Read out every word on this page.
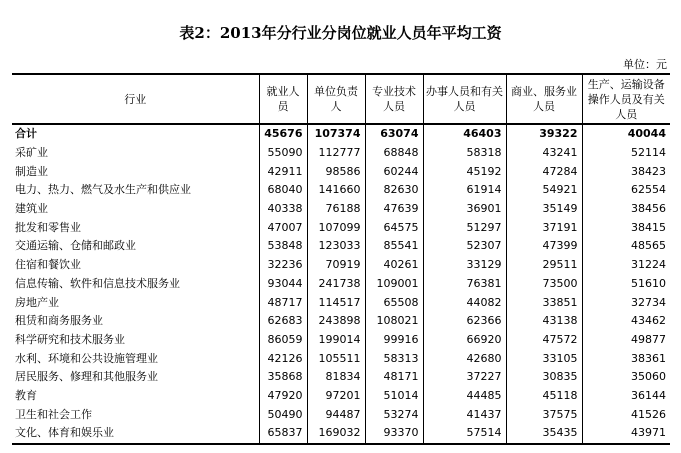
表2：2013年分行业分岗位就业人员年平均工资
单位：元
行业	就业人员	单位负责人	专业技术人员	办事人员和有关人员	商业、服务业人员	生产、运输设备操作人员及有关人员
合计	45676	107374	63074	46403	39322	40044
采矿业	55090	112777	68848	58318	43241	52114
制造业	42911	98586	60244	45192	47284	38423
电力、热力、燃气及水生产和供应业	68040	141660	82630	61914	54921	62554
建筑业	40338	76188	47639	36901	35149	38456
批发和零售业	47007	107099	64575	51297	37191	38415
交通运输、仓储和邮政业	53848	123033	85541	52307	47399	48565
住宿和餐饮业	32236	70919	40261	33129	29511	31224
信息传输、软件和信息技术服务业	93044	241738	109001	76381	73500	51610
房地产业	48717	114517	65508	44082	33851	32734
租赁和商务服务业	62683	243898	108021	62366	43138	43462
科学研究和技术服务业	86059	199014	99916	66920	47572	49877
水利、环境和公共设施管理业	42126	105511	58313	42680	33105	38361
居民服务、修理和其他服务业	35868	81834	48171	37227	30835	35060
教育	47920	97201	51014	44485	45118	36144
卫生和社会工作	50490	94487	53274	41437	37575	41526
文化、体育和娱乐业	65837	169032	93370	57514	35435	43971
